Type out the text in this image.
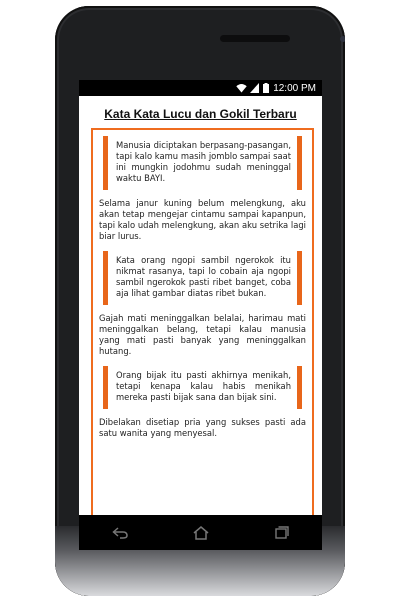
12:00 PM
Kata Kata Lucu dan Gokil Terbaru
Manusia diciptakan berpasang-pasangan, tapi kalo kamu masih jomblo sampai saat ini mungkin jodohmu sudah meninggal waktu BAYI.

Selama janur kuning belum melengkung, aku akan tetap mengejar cintamu sampai kapanpun, tapi kalo udah melengkung, akan aku setrika lagi biar lurus.

Kata orang ngopi sambil ngerokok itu nikmat rasanya, tapi lo cobain aja ngopi sambil ngerokok pasti ribet banget, coba aja lihat gambar diatas ribet bukan.

Gajah mati meninggalkan belalai, harimau mati meninggalkan belang, tetapi kalau manusia yang mati pasti banyak yang meninggalkan hutang.

Orang bijak itu pasti akhirnya menikah, tetapi kenapa kalau habis menikah mereka pasti bijak sana dan bijak sini.

Dibelakan disetiap pria yang sukses pasti ada satu wanita yang menyesal.
